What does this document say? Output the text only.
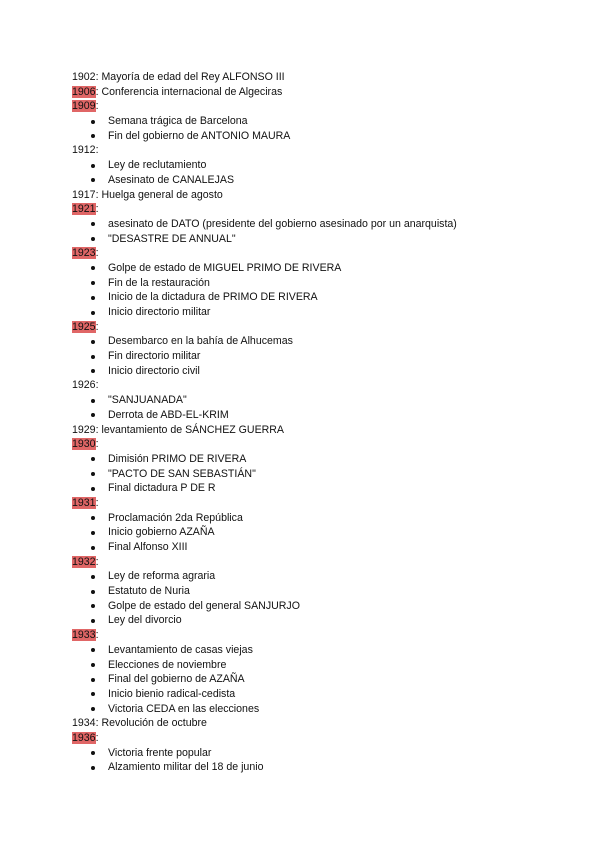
1902: Mayoría de edad del Rey ALFONSO III
1906: Conferencia internacional de Algeciras
1909:
Semana trágica de Barcelona
Fin del gobierno de ANTONIO MAURA
1912:
Ley de reclutamiento
Asesinato de CANALEJAS
1917: Huelga general de agosto
1921:
asesinato de DATO (presidente del gobierno asesinado por un anarquista)
"DESASTRE DE ANNUAL"
1923:
Golpe de estado de MIGUEL PRIMO DE RIVERA
Fin de la restauración
Inicio de la dictadura de PRIMO DE RIVERA
Inicio directorio militar
1925:
Desembarco en la bahía de Alhucemas
Fin directorio militar
Inicio directorio civil
1926:
"SANJUANADA"
Derrota de ABD-EL-KRIM
1929: levantamiento de SÁNCHEZ GUERRA
1930:
Dimisión PRIMO DE RIVERA
"PACTO DE SAN SEBASTIÁN"
Final dictadura P DE R
1931:
Proclamación 2da República
Inicio gobierno AZAÑA
Final Alfonso XIII
1932:
Ley de reforma agraria
Estatuto de Nuria
Golpe de estado del general SANJURJO
Ley del divorcio
1933:
Levantamiento de casas viejas
Elecciones de noviembre
Final del gobierno de AZAÑA
Inicio bienio radical-cedista
Victoria CEDA en las elecciones
1934: Revolución de octubre
1936:
Victoria frente popular
Alzamiento militar del 18 de junio
